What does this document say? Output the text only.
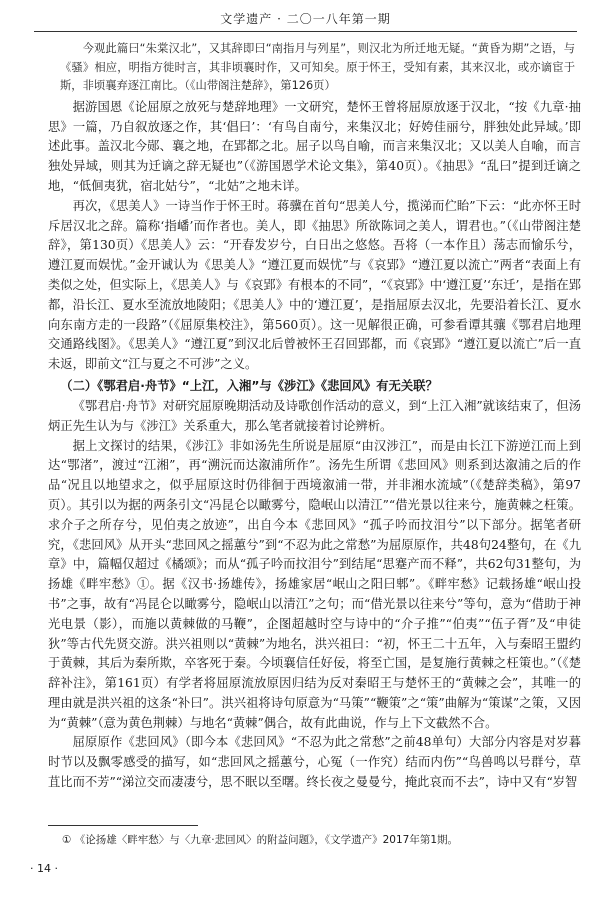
文学遗产 · 二〇一八年第一期

今观此篇曰“朱棠汉北”，又其辞即曰“南指月与列星”，则汉北为所迁地无疑。“黄昏为期”之语，与《骚》相应，明指方徙时言，其非顷襄时作，又可知矣。原于怀王，受知有素，其来汉北，或亦谪宦于斯，非顷襄弃逐江南比。（《山带阁注楚辞》，第126页）

据游国恩《论屈原之放死与楚辞地理》一文研究，楚怀王曾将屈原放逐于汉北，“按《九章·抽思》一篇，乃自叙放逐之作，其‘倡曰’：‘有鸟自南兮，来集汉北；好姱佳丽兮，胖独处此异域。’即述此事。盖汉北今郧、襄之地，在郢都之北。屈子以鸟自喻，而言来集汉北；又以美人自喻，而言独处异域，则其为迁谪之辞无疑也”（《游国恩学术论文集》，第40页）。《抽思》“乱曰”提到迁谪之地，“低佪夷犹，宿北姑兮”，“北姑”之地未详。

再次，《思美人》一诗当作于怀王时。蒋骥在首句“思美人兮，揽涕而伫眙”下云：“此亦怀王时斥居汉北之辞。篇称‘指嶓’而作者也。美人，即《抽思》所欲陈词之美人，谓君也。”（《山带阁注楚辞》，第130页）《思美人》云：“开春发岁兮，白日出之悠悠。吾将（一本作且）荡志而愉乐兮，遵江夏而娱忧。”金开诚认为《思美人》“遵江夏而娱忧”与《哀郢》“遵江夏以流亡”两者“表面上有类似之处，但实际上，《思美人》与《哀郢》有根本的不同”，“《哀郢》中‘遵江夏’‘东迁’，是指在郢都，沿长江、夏水至流放地陵阳；《思美人》中的‘遵江夏’，是指屈原去汉北，先要沿着长江、夏水向东南方走的一段路”（《屈原集校注》，第560页）。这一见解很正确，可参看谭其骧《鄂君启地理交通路线图》。《思美人》“遵江夏”到汉北后曾被怀王召回郢都，而《哀郢》“遵江夏以流亡”后一直未返，即前文“江与夏之不可涉”之义。

（二）《鄂君启·舟节》“上江，入湘”与《涉江》《悲回风》有无关联？

《鄂君启·舟节》对研究屈原晚期活动及诗歌创作活动的意义，到“上江入湘”就该结束了，但汤炳正先生认为与《涉江》关系重大，那么笔者就接着讨论辨析。

据上文探讨的结果，《涉江》非如汤先生所说是屈原“由汉涉江”，而是由长江下游逆江而上到达“鄂渚”，渡过“江湘”，再“溯沅而达溆浦所作”。汤先生所谓《悲回风》则系到达溆浦之后的作品“况且以地望求之，似乎屈原这时仍徘徊于西境溆浦一带，并非湘水流域”（《楚辞类稿》，第97页）。其引以为据的两条引文“冯昆仑以瞰雾兮，隐岷山以清江”“借光景以往来兮，施黄棘之枉策。求介子之所存兮，见伯夷之放迹”，出自今本《悲回风》“孤子吟而抆泪兮”以下部分。据笔者研究，《悲回风》从开头“悲回风之摇蕙兮”到“不忍为此之常愁”为屈原原作，共48句24整句，在《九章》中，篇幅仅超过《橘颂》；而从“孤子吟而抆泪兮”到结尾“思蹇产而不释”，共62句31整句，为扬雄《畔牢愁》①。据《汉书·扬雄传》，扬雄家居“岷山之阳曰郫”。《畔牢愁》记载扬雄“岷山投书”之事，故有“冯昆仑以瞰雾兮，隐岷山以清江”之句；而“借光景以往来兮”等句，意为“借助于神光电景（影），而施以黄棘做的马鞭”，企图超越时空与诗中的“介子推”“伯夷”“伍子胥”及“申徒狄”等古代先贤交游。洪兴祖则以“黄棘”为地名，洪兴祖曰：“初，怀王二十五年，入与秦昭王盟约于黄棘，其后为秦所欺，卒客死于秦。今顷襄信任好佞，将至亡国，是复施行黄棘之枉策也。”（《楚辞补注》，第161页）有学者将屈原流放原因归结为反对秦昭王与楚怀王的“黄棘之会”，其唯一的理由就是洪兴祖的这条“补曰”。洪兴祖将诗句原意为“马策”“鞭策”之“策”曲解为“策谋”之策，又因为“黄棘”（意为黄色荆棘）与地名“黄棘”偶合，故有此曲说，作与上下文截然不合。

屈原原作《悲回风》（即今本《悲回风》“不忍为此之常愁”之前48单句）大部分内容是对岁暮时节以及飘零感受的描写，如“悲回风之摇蕙兮，心冤（一作究）结而内伤”“鸟兽鸣以号群兮，草苴比而不芳”“涕泣交而凄凄兮，思不眠以至曙。终长夜之曼曼兮，掩此哀而不去”，诗中又有“岁智

① 《论扬雄〈畔牢愁〉与〈九章·悲回风〉的附益问题》，《文学遗产》2017年第1期。
· 14 ·
